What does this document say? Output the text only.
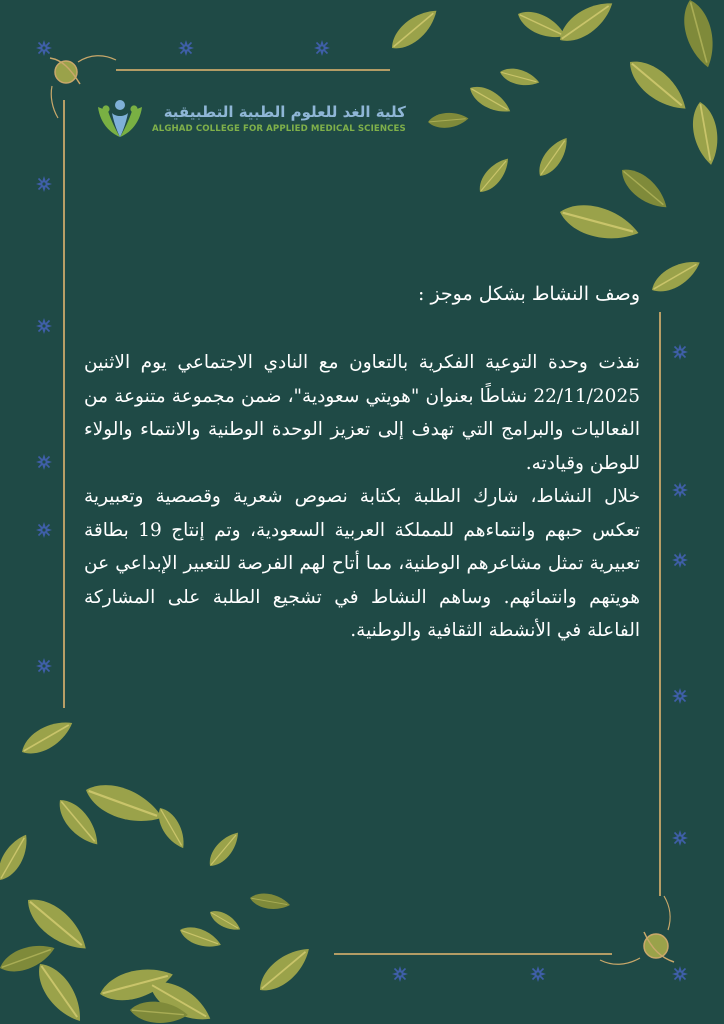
كلية الغد للعلوم الطبية التطبيقية
ALGHAD COLLEGE FOR APPLIED MEDICAL SCIENCES
وصف النشاط بشكل موجز :

نفذت وحدة التوعية الفكرية بالتعاون مع النادي الاجتماعي يوم الاثنين 22/11/2025 نشاطًا بعنوان "هويتي سعودية"، ضمن مجموعة متنوعة من الفعاليات والبرامج التي تهدف إلى تعزيز الوحدة الوطنية والانتماء والولاء للوطن وقيادته.

خلال النشاط، شارك الطلبة بكتابة نصوص شعرية وقصصية وتعبيرية تعكس حبهم وانتماءهم للمملكة العربية السعودية، وتم إنتاج 19 بطاقة تعبيرية تمثل مشاعرهم الوطنية، مما أتاح لهم الفرصة للتعبير الإبداعي عن هويتهم وانتمائهم. وساهم النشاط في تشجيع الطلبة على المشاركة الفاعلة في الأنشطة الثقافية والوطنية.
